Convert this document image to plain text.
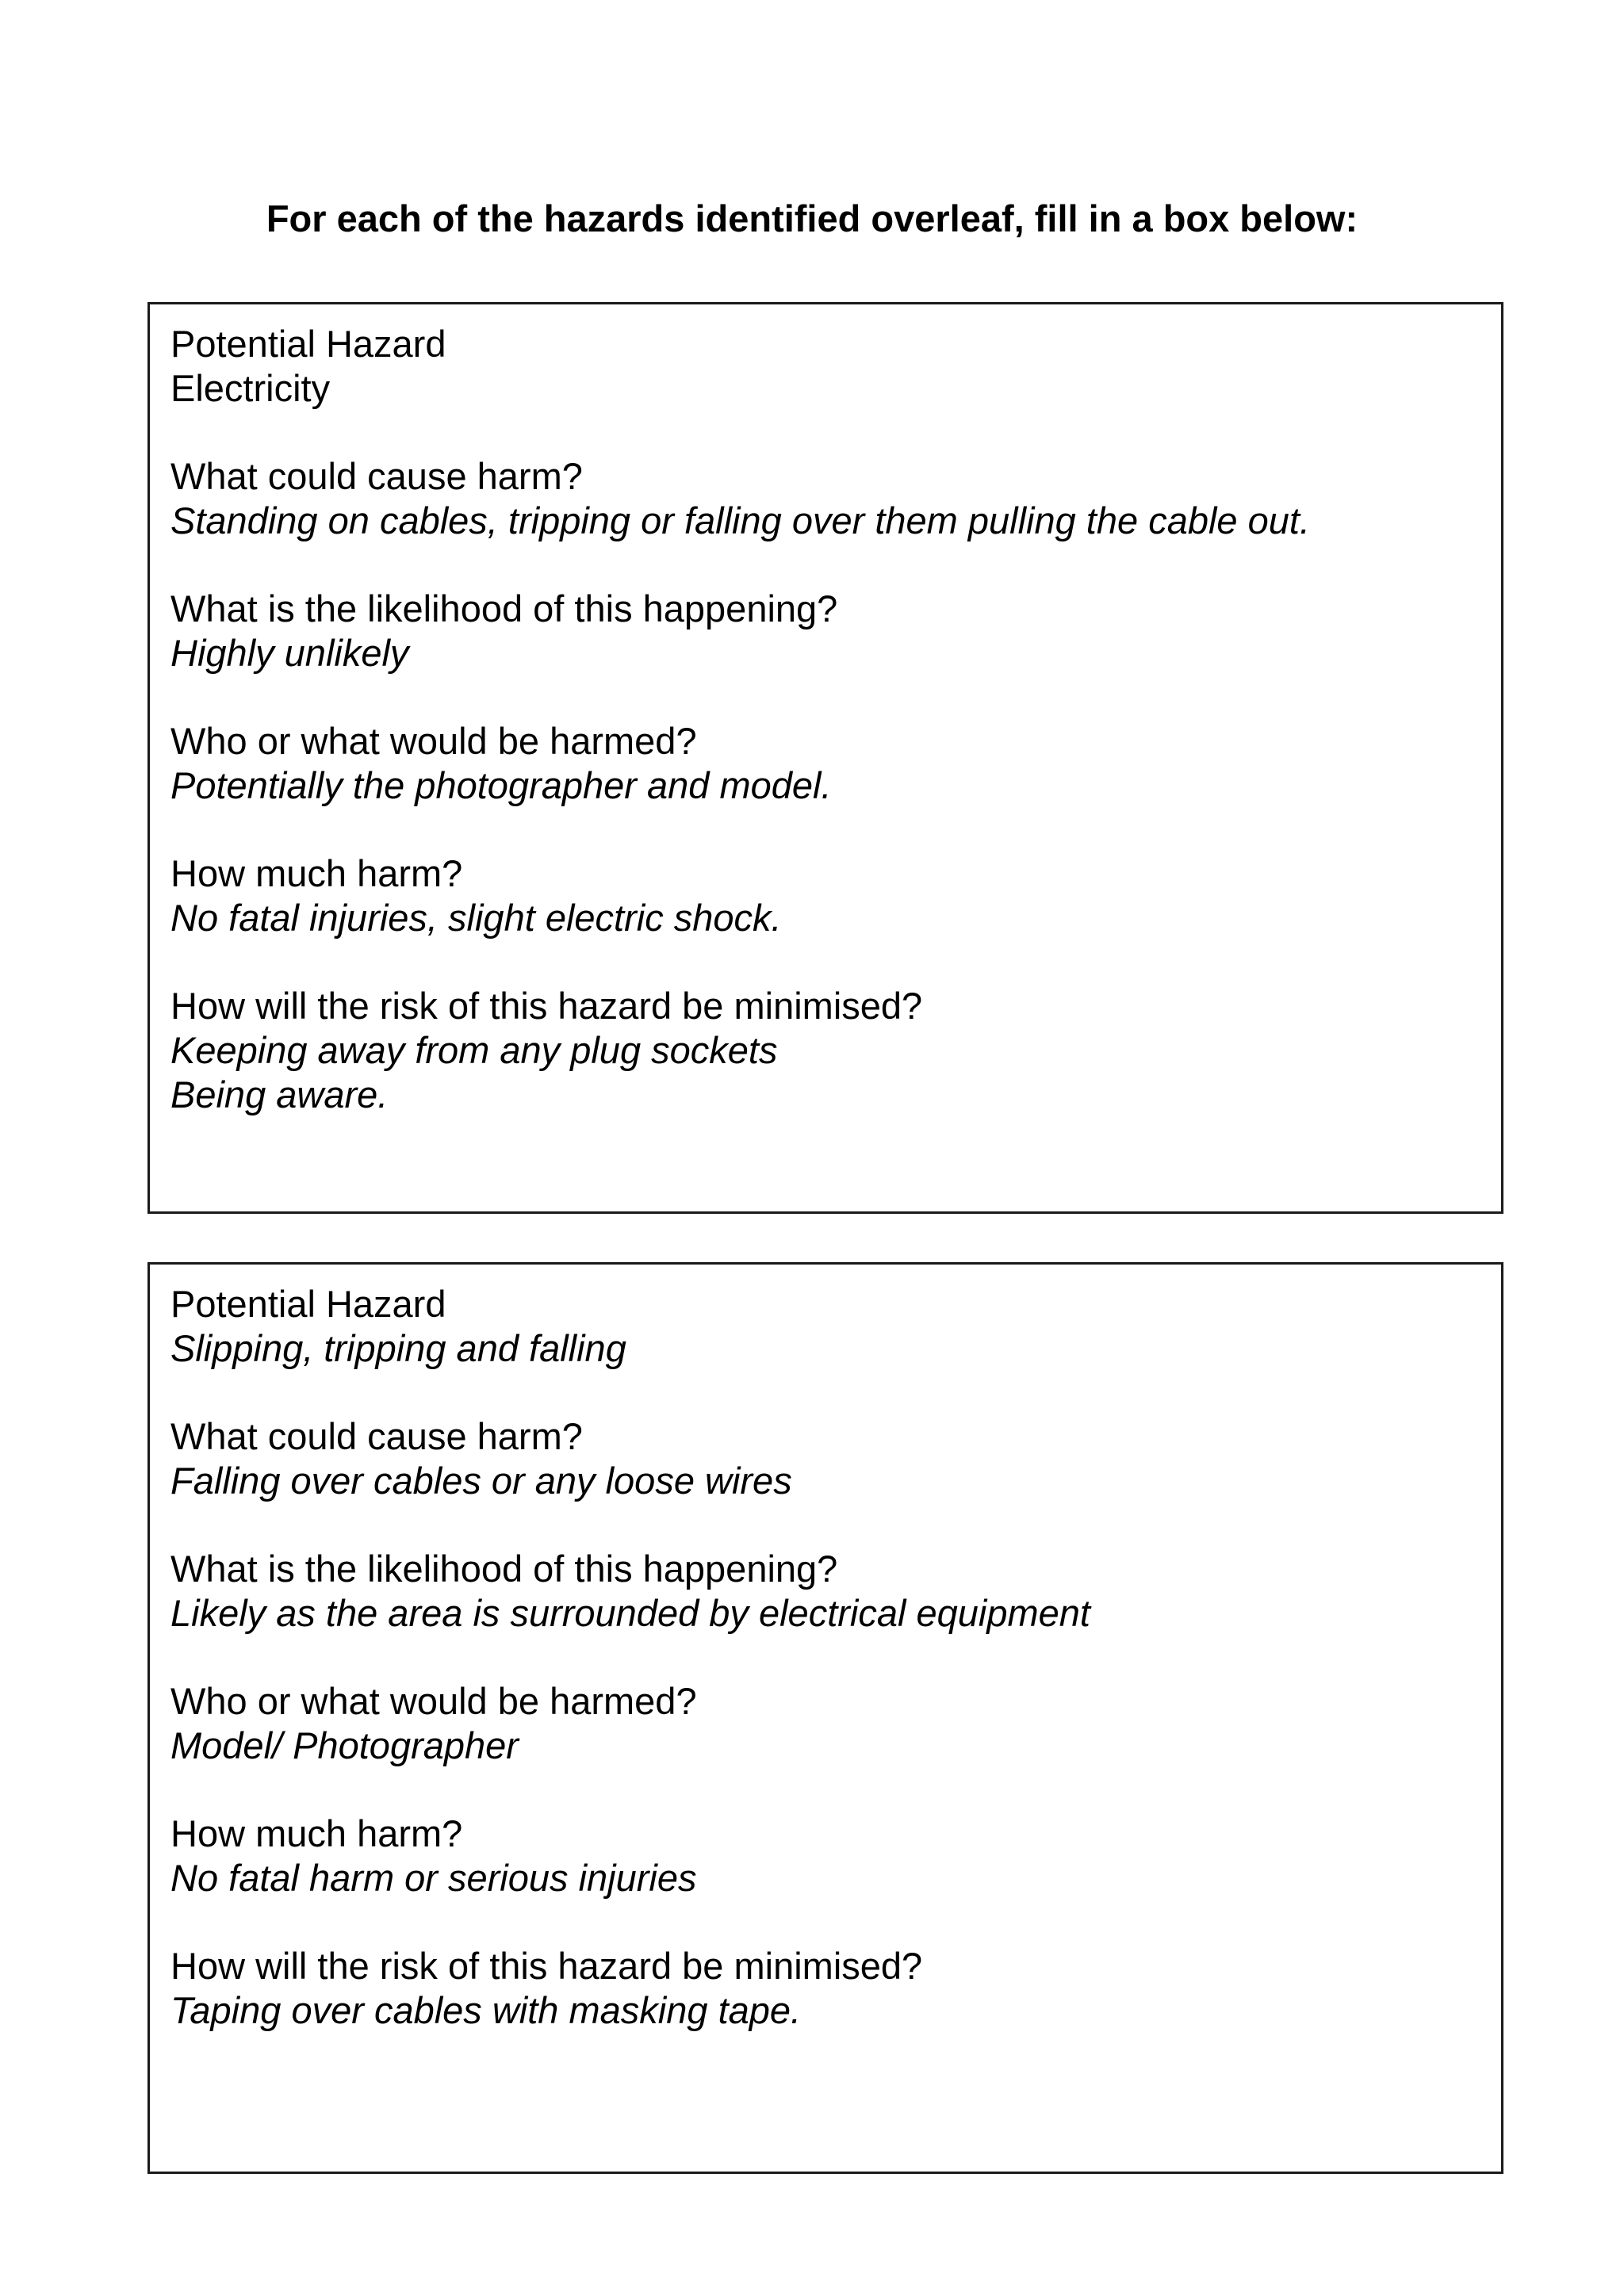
For each of the hazards identified overleaf, fill in a box below:
Potential Hazard
Electricity
What could cause harm?
Standing on cables, tripping or falling over them pulling the cable out.
What is the likelihood of this happening?
Highly unlikely
Who or what would be harmed?
Potentially the photographer and model.
How much harm?
No fatal injuries, slight electric shock.
How will the risk of this hazard be minimised?
Keeping away from any plug sockets
Being aware.
Potential Hazard
Slipping, tripping and falling
What could cause harm?
Falling over cables or any loose wires
What is the likelihood of this happening?
Likely as the area is surrounded by electrical equipment
Who or what would be harmed?
Model/ Photographer
How much harm?
No fatal harm or serious injuries
How will the risk of this hazard be minimised?
Taping over cables with masking tape.
